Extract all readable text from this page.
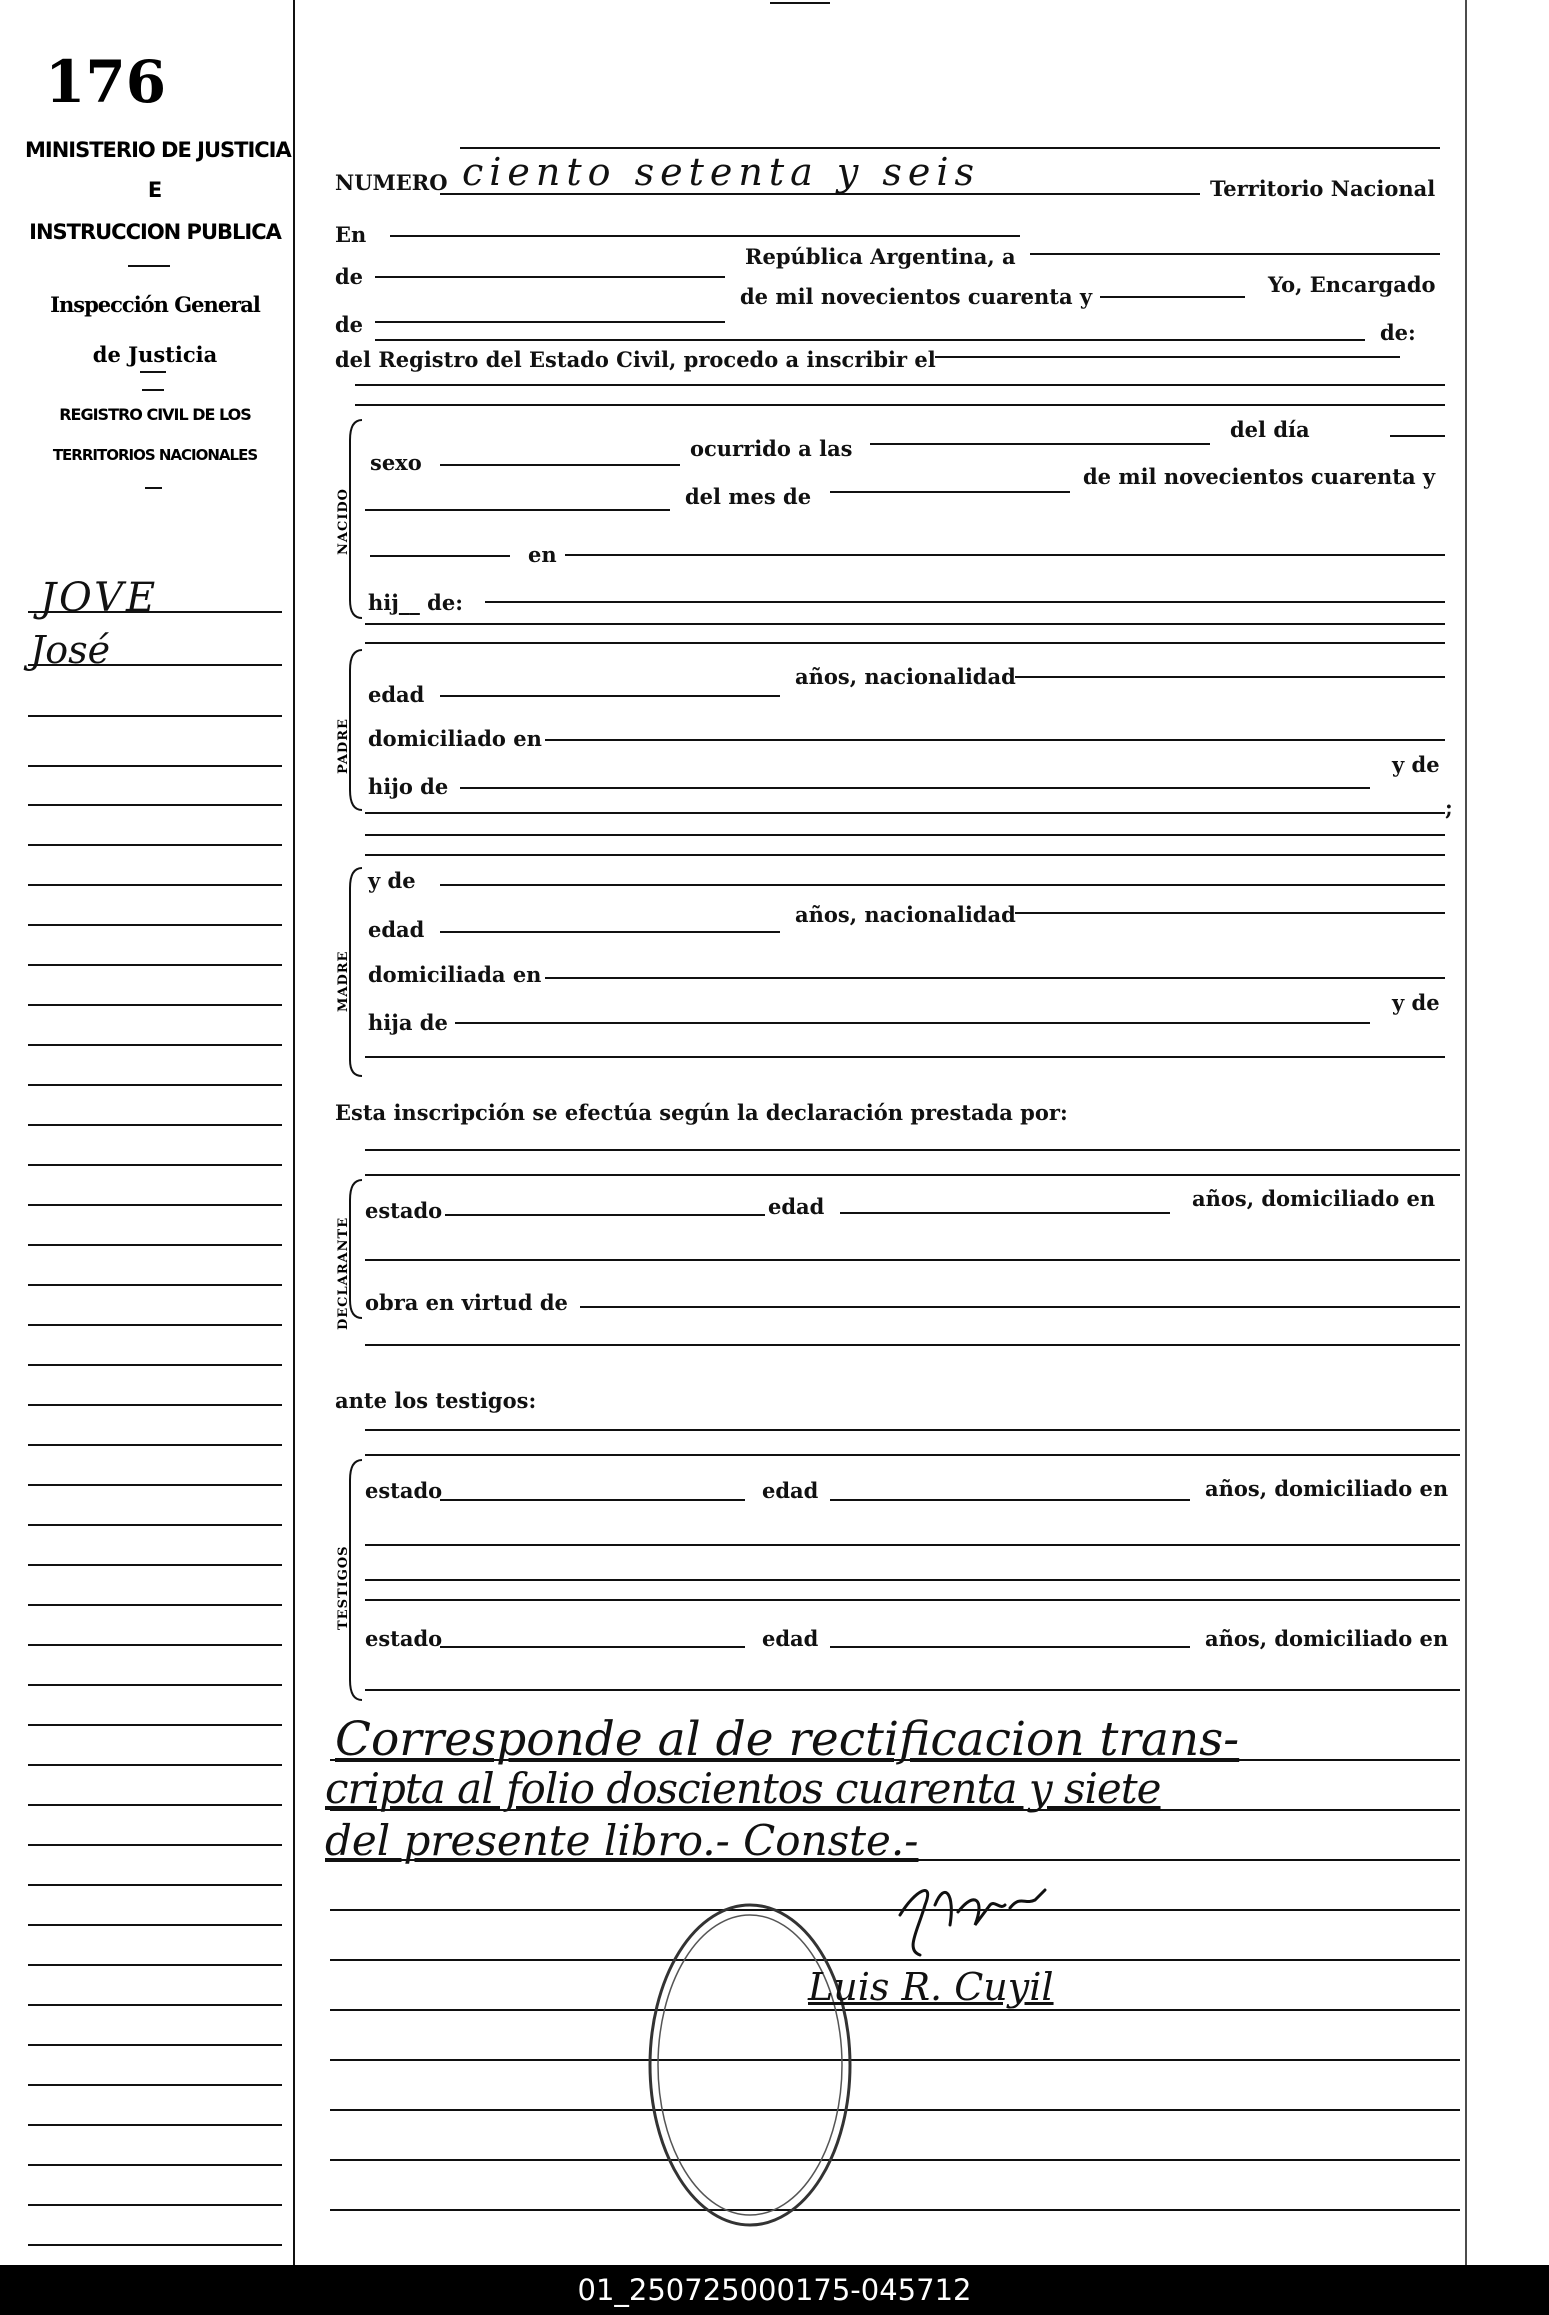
176
MINISTERIO DE JUSTICIA
E
INSTRUCCION PUBLICA
Inspección General
de Justicia
REGISTRO CIVIL DE LOS
TERRITORIOS NACIONALES
JOVE
José
NUMERO ciento setenta y seis	Territorio Nacional
En
República Argentina, a
de
de mil novecientos cuarenta y	Yo, Encargado
de	de:
del Registro del Estado Civil, procedo a inscribir el
NACIDO
sexo
ocurrido a las
del día
del mes de
de mil novecientos cuarenta y
en
hij__ de:
PADRE
edad
años, nacionalidad
domiciliado en
hijo de
y de
;
MADRE
y de
edad
años, nacionalidad
domiciliada en
hija de
y de
Esta inscripción se efectúa según la declaración prestada por:
DECLARANTE
estado	edad	años, domiciliado en
obra en virtud de
ante los testigos:
TESTIGOS
estado	edad	años, domiciliado en
estado	edad	años, domiciliado en
Corresponde al de rectificacion trans-
cripta al folio doscientos cuarenta y siete
del presente libro.- Conste.-
Luis R. Cuyil
01_250725000175-045712
